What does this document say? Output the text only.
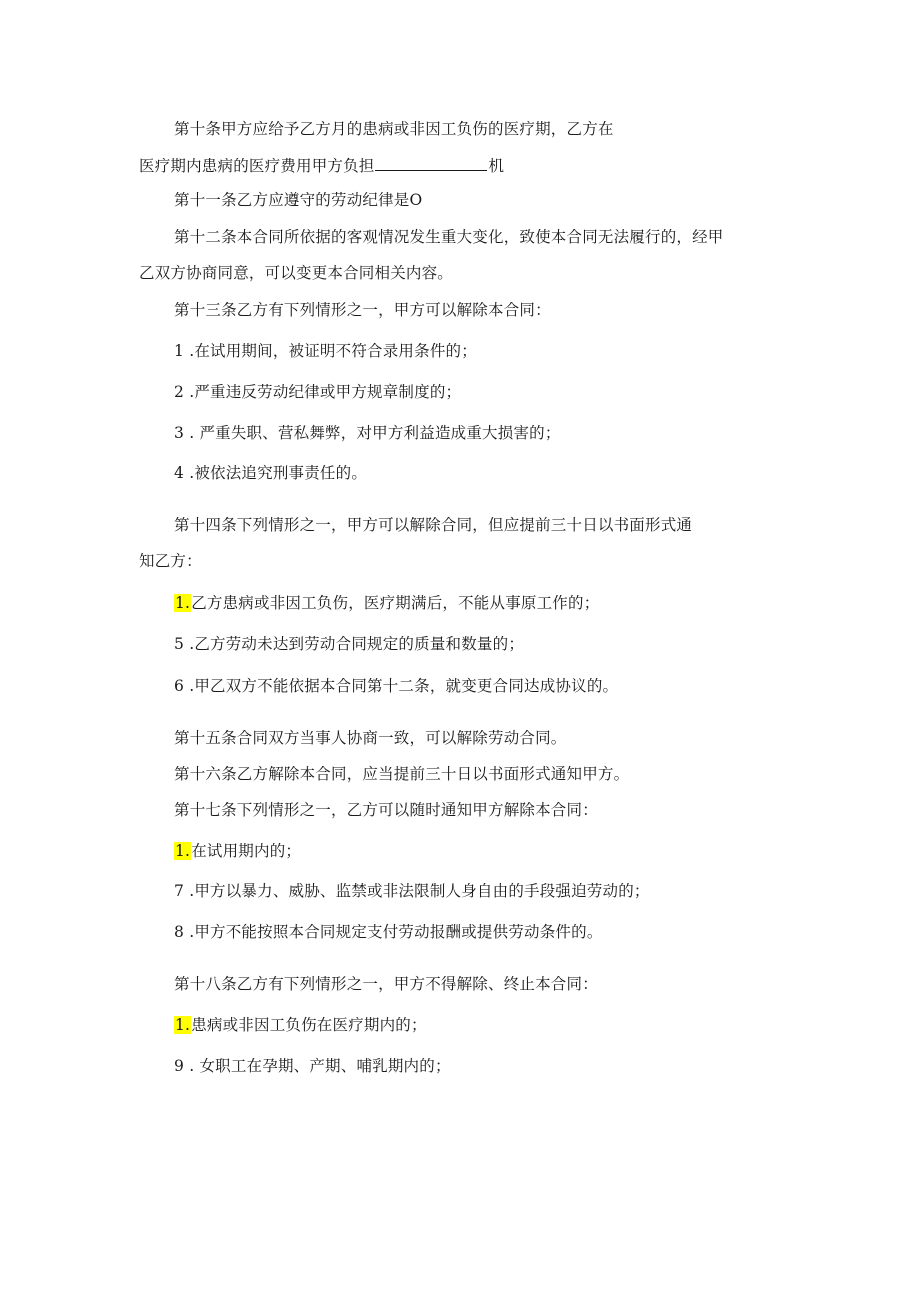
第十条甲方应给予乙方月的患病或非因工负伤的医疗期，乙方在
医疗期内患病的医疗费用甲方负担	机
第十一条乙方应遵守的劳动纪律是O
第十二条本合同所依据的客观情况发生重大变化，致使本合同无法履行的，经甲
乙双方协商同意，可以变更本合同相关内容。
第十三条乙方有下列情形之一，甲方可以解除本合同：
1 .在试用期间，被证明不符合录用条件的；
2 .严重违反劳动纪律或甲方规章制度的；
3 . 严重失职、营私舞弊，对甲方利益造成重大损害的；
4 .被依法追究刑事责任的。
第十四条下列情形之一，甲方可以解除合同，但应提前三十日以书面形式通
知乙方：
1.乙方患病或非因工负伤，医疗期满后，不能从事原工作的；
5 .乙方劳动未达到劳动合同规定的质量和数量的；
6 .甲乙双方不能依据本合同第十二条，就变更合同达成协议的。
第十五条合同双方当事人协商一致，可以解除劳动合同。
第十六条乙方解除本合同，应当提前三十日以书面形式通知甲方。
第十七条下列情形之一，乙方可以随时通知甲方解除本合同：
1.在试用期内的；
7 .甲方以暴力、威胁、监禁或非法限制人身自由的手段强迫劳动的；
8 .甲方不能按照本合同规定支付劳动报酬或提供劳动条件的。
第十八条乙方有下列情形之一，甲方不得解除、终止本合同：
1.患病或非因工负伤在医疗期内的；
9 . 女职工在孕期、产期、哺乳期内的；
